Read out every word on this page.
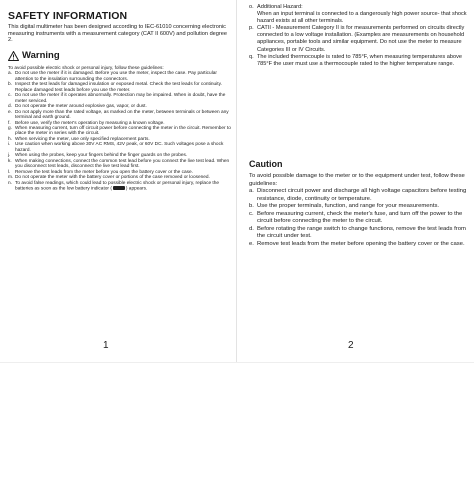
SAFETY INFORMATION
This digital multimeter has been designed according to IEC-61010 concerning electronic measuring instruments with a measurement category (CAT II 600V) and pollution degree 2.
Warning
To avoid possible electric shock or personal injury, follow these guidelines:
a. Do not use the meter if it is damaged. Before you use the meter, inspect the case. Pay particular attention to the insulation surrounding the connectors.
b. Inspect the test leads for damaged insulation or exposed metal. Check the test leads for continuity. Replace damaged test leads before you use the meter.
c. Do not use the meter if it operates abnormally. Protection may be impaired. When in doubt, have the meter serviced.
d. Do not operate the meter around explosive gas, vapor, or dust.
e. Do not apply more than the rated voltage, as marked on the meter, between terminals or between any terminal and earth ground.
f. Before use, verify the meter's operation by measuring a known voltage.
g. When measuring current, turn off circuit power before connecting the meter in the circuit. Remember to place the meter in series with the circuit.
h. When servicing the meter, use only specified replacement parts.
i. Use caution when working above 30V AC RMS, 42V peak, or 60V DC. Such voltages pose a shock hazard.
j. When using the probes, keep your fingers behind the finger guards on the probes.
k. When making connections, connect the common test lead before you connect the live test lead. When you disconnect test leads, disconnect the live test lead first.
l. Remove the test leads from the meter before you open the battery cover or the case.
m. Do not operate the meter with the battery cover or portions of the case removed or loosened.
n. To avoid false readings, which could lead to possible electric shock or personal injury, replace the batteries as soon as the low battery indicator (	) appears.
1
o. Additional Hazard:
When an input terminal is connected to a dangerously high power source- that shock hazard exists at all other terminals.
p. CATII - Measurement Category II is for measurements performed on circuits directly connected to a low voltage installation. (Examples are measurements on household appliances, portable tools and similar equipment. Do not use the meter to measure Categories III or IV Circuits.
q. The included thermocouple is rated to 785°F, when measuring temperatures above 785°F the user must use a thermocouple rated to the higher temperature range.
Caution
To avoid possible damage to the meter or to the equipment under test, follow these guidelines:
a. Disconnect circuit power and discharge all high voltage capacitors before testing resistance, diode, continuity or temperature.
b. Use the proper terminals, function, and range for your measurements.
c. Before measuring current, check the meter's fuse, and turn off the power to the circuit before connecting the meter to the circuit.
d. Before rotating the range switch to change functions, remove the test leads from the circuit under test.
e. Remove test leads from the meter before opening the battery cover or the case.
2
